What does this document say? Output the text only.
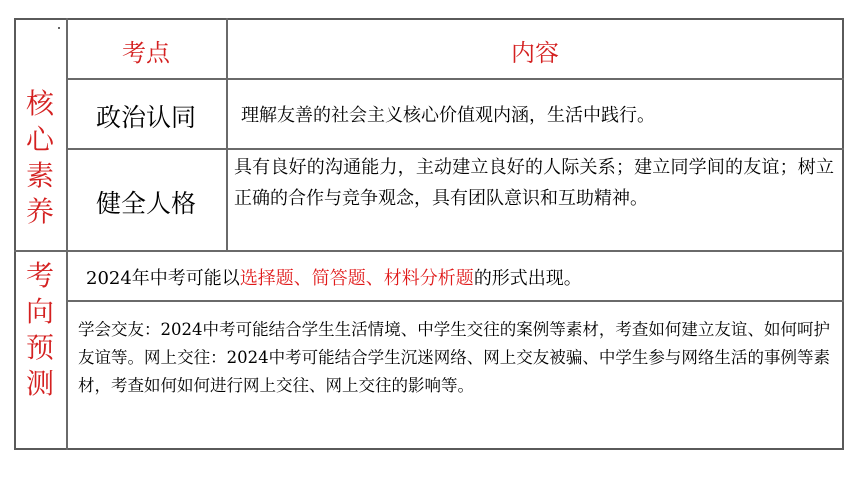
考点	内容
核心素养
政治认同	理解友善的社会主义核心价值观内涵，生活中践行。
健全人格
具有良好的沟通能力，主动建立良好的人际关系；建立同学间的友谊；树立正确的合作与竞争观念，具有团队意识和互助精神。
考向预测
2024年中考可能以选择题、简答题、材料分析题的形式出现。
学会交友：2024中考可能结合学生生活情境、中学生交往的案例等素材，考查如何建立友谊、如何呵护友谊等。网上交往：2024中考可能结合学生沉迷网络、网上交友被骗、中学生参与网络生活的事例等素材，考查如何如何进行网上交往、网上交往的影响等。
